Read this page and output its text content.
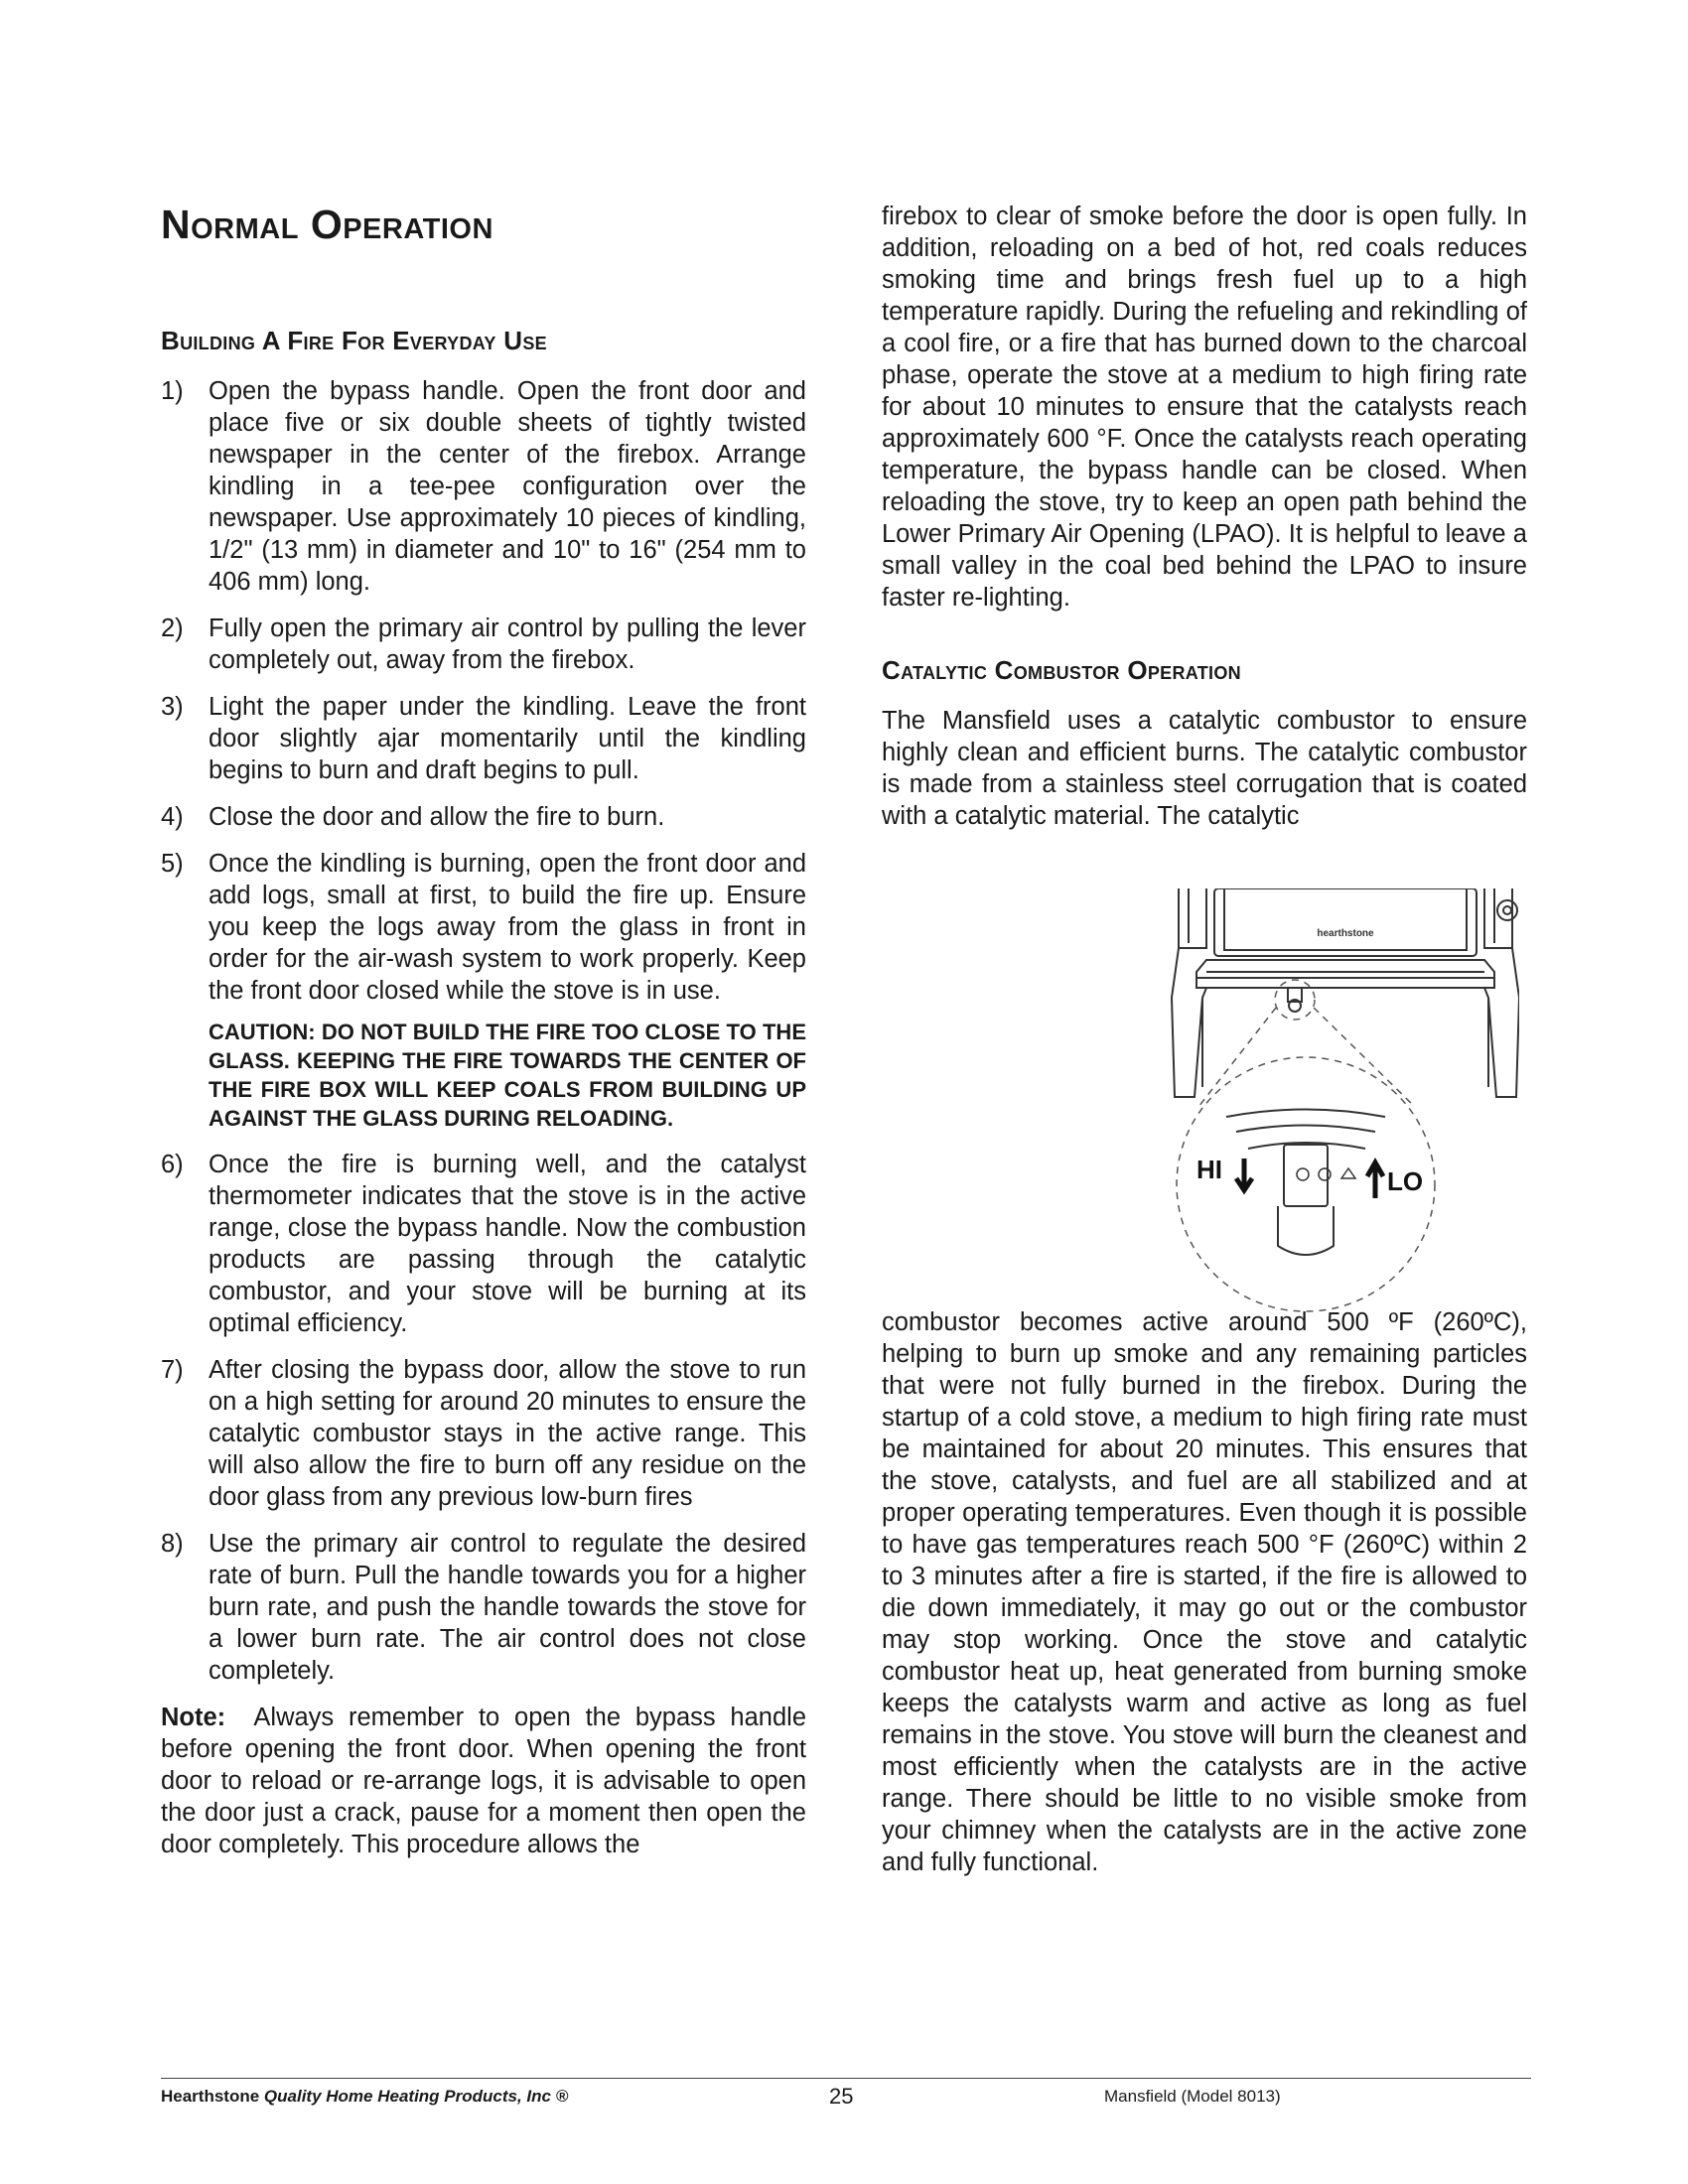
Normal Operation
Building A Fire For Everyday Use
1) Open the bypass handle. Open the front door and place five or six double sheets of tightly twisted newspaper in the center of the firebox. Arrange kindling in a tee-pee configuration over the newspaper. Use approximately 10 pieces of kindling, 1/2" (13 mm) in diameter and 10" to 16" (254 mm to 406 mm) long.
2) Fully open the primary air control by pulling the lever completely out, away from the firebox.
3) Light the paper under the kindling. Leave the front door slightly ajar momentarily until the kindling begins to burn and draft begins to pull.
4) Close the door and allow the fire to burn.
5) Once the kindling is burning, open the front door and add logs, small at first, to build the fire up. Ensure you keep the logs away from the glass in front in order for the air-wash system to work properly. Keep the front door closed while the stove is in use.
CAUTION: DO NOT BUILD THE FIRE TOO CLOSE TO THE GLASS. KEEPING THE FIRE TOWARDS THE CENTER OF THE FIRE BOX WILL KEEP COALS FROM BUILDING UP AGAINST THE GLASS DURING RELOADING.
6) Once the fire is burning well, and the catalyst thermometer indicates that the stove is in the active range, close the bypass handle. Now the combustion products are passing through the catalytic combustor, and your stove will be burning at its optimal efficiency.
7) After closing the bypass door, allow the stove to run on a high setting for around 20 minutes to ensure the catalytic combustor stays in the active range. This will also allow the fire to burn off any residue on the door glass from any previous low-burn fires
8) Use the primary air control to regulate the desired rate of burn. Pull the handle towards you for a higher burn rate, and push the handle towards the stove for a lower burn rate. The air control does not close completely.

Note: Always remember to open the bypass handle before opening the front door. When opening the front door to reload or re-arrange logs, it is advisable to open the door just a crack, pause for a moment then open the door completely. This procedure allows the

firebox to clear of smoke before the door is open fully. In addition, reloading on a bed of hot, red coals reduces smoking time and brings fresh fuel up to a high temperature rapidly. During the refueling and rekindling of a cool fire, or a fire that has burned down to the charcoal phase, operate the stove at a medium to high firing rate for about 10 minutes to ensure that the catalysts reach approximately 600 °F. Once the catalysts reach operating temperature, the bypass handle can be closed. When reloading the stove, try to keep an open path behind the Lower Primary Air Opening (LPAO). It is helpful to leave a small valley in the coal bed behind the LPAO to insure faster re-lighting.

Catalytic Combustor Operation

The Mansfield uses a catalytic combustor to ensure highly clean and efficient burns. The catalytic combustor is made from a stainless steel corrugation that is coated with a catalytic material. The catalytic

combustor becomes active around 500 ºF (260ºC), helping to burn up smoke and any remaining particles that were not fully burned in the firebox. During the startup of a cold stove, a medium to high firing rate must be maintained for about 20 minutes. This ensures that the stove, catalysts, and fuel are all stabilized and at proper operating temperatures. Even though it is possible to have gas temperatures reach 500 °F (260ºC) within 2 to 3 minutes after a fire is started, if the fire is allowed to die down immediately, it may go out or the combustor may stop working. Once the stove and catalytic combustor heat up, heat generated from burning smoke keeps the catalysts warm and active as long as fuel remains in the stove. You stove will burn the cleanest and most efficiently when the catalysts are in the active range. There should be little to no visible smoke from your chimney when the catalysts are in the active zone and fully functional.

hearthstone
HI	LO
Hearthstone Quality Home Heating Products, Inc ®	25	Mansfield (Model 8013)
